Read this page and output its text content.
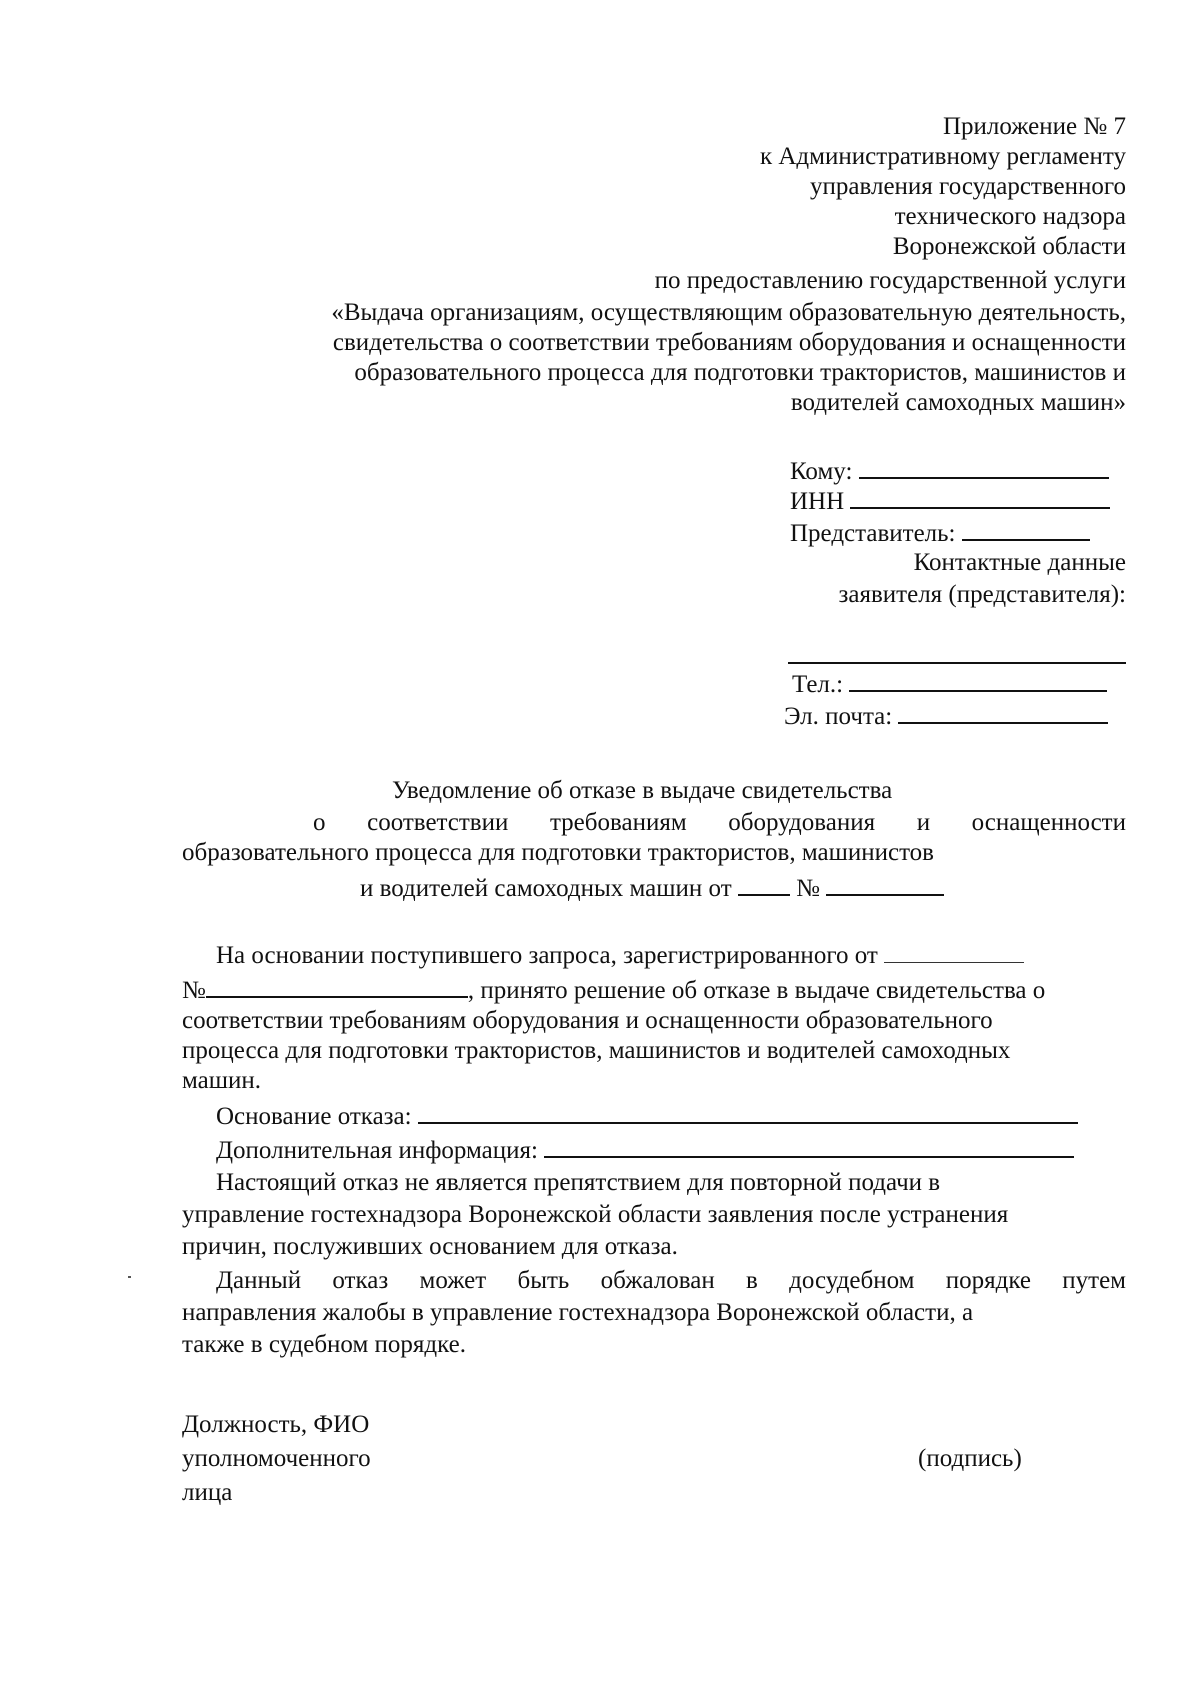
Приложение № 7
к Административному регламенту
управления государственного
технического надзора
Воронежской области
по предоставлению государственной услуги
«Выдача организациям, осуществляющим образовательную деятельность,
свидетельства о соответствии требованиям оборудования и оснащенности
образовательного процесса для подготовки трактористов, машинистов и
водителей самоходных машин»
Кому:
ИНН
Представитель:
Контактные данные
заявителя (представителя):
Тел.:
Эл. почта:
Уведомление об отказе в выдаче свидетельства
о соответствии требованиям оборудования и оснащенности
образовательного процесса для подготовки трактористов, машинистов
и водителей самоходных машин от	№
На основании поступившего запроса, зарегистрированного от
№	, принято решение об отказе в выдаче свидетельства о
соответствии требованиям оборудования и оснащенности образовательного
процесса для подготовки трактористов, машинистов и водителей самоходных
машин.
Основание отказа:
Дополнительная информация:
Настоящий отказ не является препятствием для повторной подачи в
управление гостехнадзора Воронежской области заявления после устранения
причин, послуживших основанием для отказа.
Данный отказ может быть обжалован в досудебном порядке путем
направления жалобы в управление гостехнадзора Воронежской области, а
также в судебном порядке.
Должность, ФИО
уполномоченного
лица
(подпись)
